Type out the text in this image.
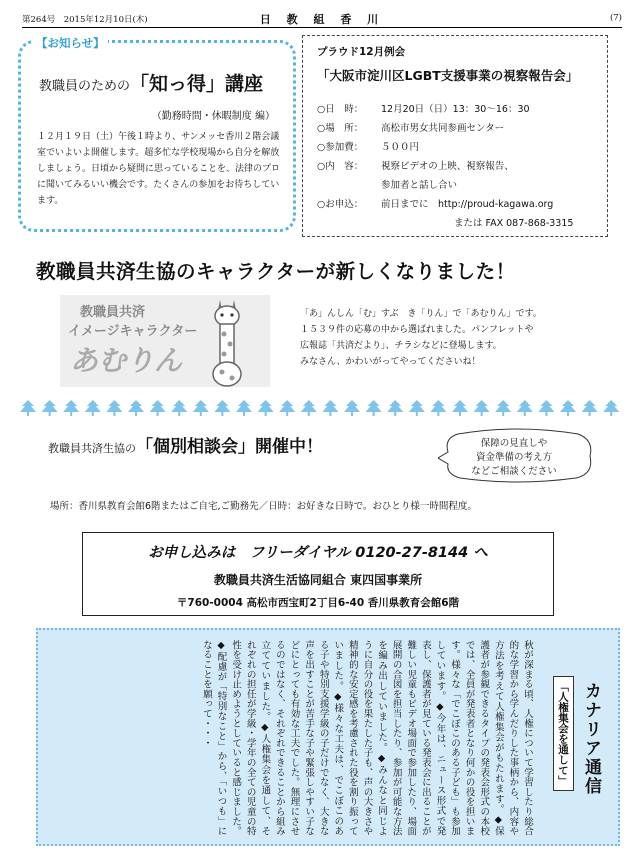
第264号　2015年12月10日(木)	日 教 組 香 川	(7)
【お知らせ】
教職員のための「知っ得」講座
（勤務時間・休暇制度 編）
１２月１９日（土）午後１時より、サンメッセ香川２階会議室でいよいよ開催します。超多忙な学校現場から自分を解放しましょう。日頃から疑問に思っていることを、法律のプロに聞いてみるいい機会です。たくさんの参加をお待ちしています。
プラウド12月例会
「大阪市淀川区LGBT支援事業の視察報告会」
○日　時：	12月20日（日）13：30～16：30
○場　所：	高松市男女共同参画センター
○参加費：	５００円
○内　容：	視察ビデオの上映、視察報告、
参加者と話し合い
○お申込：	前日までに　http://proud-kagawa.org
または FAX 087-868-3315
教職員共済生協のキャラクターが新しくなりました！
教職員共済
イメージキャラクター
あむりん
「あ」んしん「む」すぶ　き「りん」で「あむりん」です。
１５３９件の応募の中から選ばれました。パンフレットや
広報誌「共済だより」、チラシなどに登場します。
みなさん、かわいがってやってくださいね！
教職員共済生協の「個別相談会」開催中！	保障の見直しや
資金準備の考え方
などご相談ください
場所：香川県教育会館6階またはご自宅,ご勤務先／日時：お好きな日時で。おひとり様一時間程度。
お申し込みは　フリーダイヤル 0120-27-8144 へ
教職員共済生活協同組合 東四国事業所
〒760-0004 高松市西宝町2丁目6-40 香川県教育会館6階
カナリア通信
「人権集会を通して」
秋が深まる頃、人権について学習したり総合的な学習から学んだりした事柄から、内容や方法を考えて人権集会がもたれます。◆保護者が参観できるタイプの発表会形式の本校では、全員が発表者となり何かの役を担います。様々な「でこぼこのある子ども」も参加しています。◆今年は、ニュース形式で発表し、保護者が見ている発表会に出ることが難しい児童もビデオ場面で参加したり、場面展開の合図を担当したり、参加が可能な方法を編み出していました。◆みんなと同じように自分の役を果たした子も、声の大きさや精神的な安定感を考慮された役を割り振っていました。◆様々な工夫は、でこぼこのある子や特別支援学級の子だけでなく、大きな声を出すことが苦手な子や緊張しやすい子などにとっても有効な工夫でした。無理にさせるのではなく、それぞれできることから組み立てていました。◆人権集会を通して、それぞれの担任が学級・学年の全ての児童の特性を受け止めようとしていると感じました。◆配慮が「特別なこと」から、「いつも」になることを願って・・・
